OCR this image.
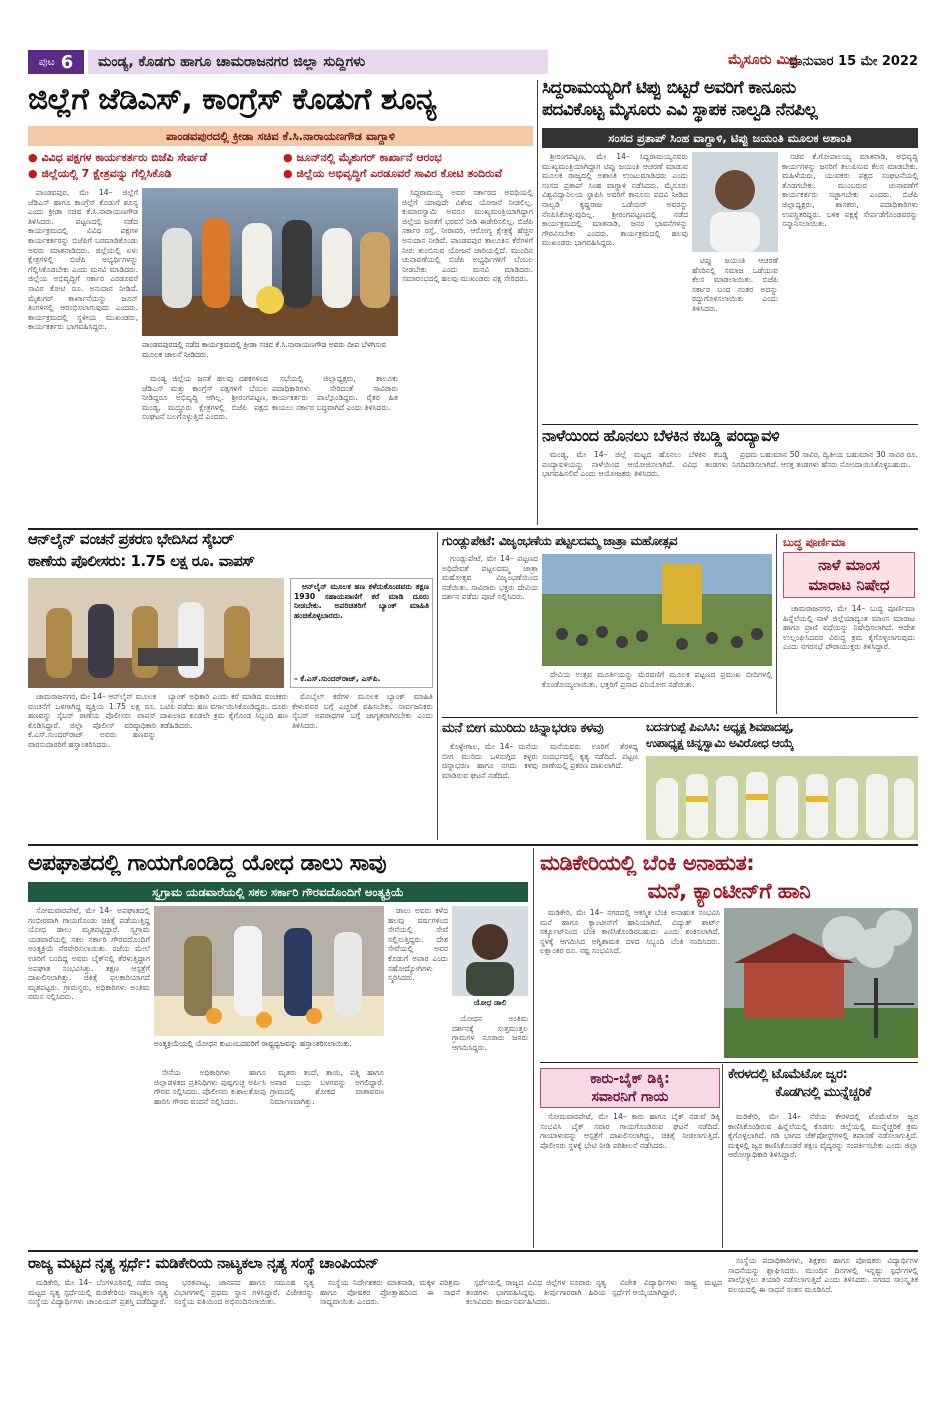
ಪುಟ 6	ಮಂಡ್ಯ, ಕೊಡಗು ಹಾಗೂ ಚಾಮರಾಜನಗರ ಜಿಲ್ಲಾ ಸುದ್ದಿಗಳು	ಮೈಸೂರು ಮಿತ್ರ
ಭಾನುವಾರ 15 ಮೇ 2022
ಜಿಲ್ಲೆಗೆ ಜೆಡಿಎಸ್, ಕಾಂಗ್ರೆಸ್ ಕೊಡುಗೆ ಶೂನ್ಯ
ಪಾಂಡವಪುರದಲ್ಲಿ ಕ್ರೀಡಾ ಸಚಿವ ಕೆ.ಸಿ.ನಾರಾಯಣಗೌಡ ವಾಗ್ದಾಳಿ
● ವಿವಿಧ ಪಕ್ಷಗಳ ಕಾರ್ಯಕರ್ತರು ಬಿಜೆಪಿ ಸೇರ್ಪಡೆ
● ಜಿಲ್ಲೆಯಲ್ಲಿ 7 ಕ್ಷೇತ್ರವನ್ನು ಗೆಲ್ಲಿಸಿಕೊಡಿ
● ಜೂನ್‌ನಲ್ಲಿ ಮೈಶುಗರ್ ಕಾರ್ಖಾನೆ ಆರಂಭ
● ಜಿಲ್ಲೆಯ ಅಭಿವೃದ್ಧಿಗೆ ಎರಡೂವರೆ ಸಾವಿರ ಕೋಟಿ ತಂದಿರುವೆ

ಪಾಂಡವಪುರ, ಮೇ 14– ಜಿಲ್ಲೆಗೆ ಜೆಡಿಎಸ್ ಹಾಗೂ ಕಾಂಗ್ರೆಸ್ ಕೊಡುಗೆ ಶೂನ್ಯ ಎಂದು ಕ್ರೀಡಾ ಸಚಿವ ಕೆ.ಸಿ.ನಾರಾಯಣಗೌಡ ತಿಳಿಸಿದರು. ಪಟ್ಟಣದಲ್ಲಿ ನಡೆದ ಕಾರ್ಯಕ್ರಮದಲ್ಲಿ ವಿವಿಧ ಪಕ್ಷಗಳ ಕಾರ್ಯಕರ್ತರನ್ನು ಬಿಜೆಪಿಗೆ ಬರಮಾಡಿಕೊಂಡು ಅವರು ಮಾತನಾಡಿದರು. ಜಿಲ್ಲೆಯಲ್ಲಿ ಏಳು ಕ್ಷೇತ್ರಗಳಲ್ಲಿ ಬಿಜೆಪಿ ಅಭ್ಯರ್ಥಿಗಳನ್ನು ಗೆಲ್ಲಿಸಿಕೊಡಬೇಕು ಎಂದು ಮನವಿ ಮಾಡಿದರು. ಜಿಲ್ಲೆಯ ಅಭಿವೃದ್ಧಿಗೆ ಸರ್ಕಾರ ಎರಡೂವರೆ ಸಾವಿರ ಕೋಟಿ ರೂ. ಅನುದಾನ ನೀಡಿದೆ. ಮೈಶುಗರ್ ಕಾರ್ಖಾನೆಯನ್ನು ಜೂನ್ ತಿಂಗಳಿನಲ್ಲಿ ಆರಂಭಿಸಲಾಗುವುದು ಎಂದರು. ಕಾರ್ಯಕ್ರಮದಲ್ಲಿ ಸ್ಥಳೀಯ ಮುಖಂಡರು, ಕಾರ್ಯಕರ್ತರು ಭಾಗವಹಿಸಿದ್ದರು.

ಪಾಂಡವಪುರದಲ್ಲಿ ನಡೆದ ಕಾರ್ಯಕ್ರಮದಲ್ಲಿ ಕ್ರೀಡಾ ಸಚಿವ ಕೆ.ಸಿ.ನಾರಾಯಣಗೌಡ ಅವರು ದೀಪ ಬೆಳಗಿಸುವ ಮೂಲಕ ಚಾಲನೆ ನೀಡಿದರು.

ಮಂಡ್ಯ ಜಿಲ್ಲೆಯ ಜನತೆ ಹಲವು ದಶಕಗಳಿಂದ ಜೆಡಿಎಸ್ ಮತ್ತು ಕಾಂಗ್ರೆಸ್ ಪಕ್ಷಗಳಿಗೆ ಬೆಂಬಲ ನೀಡಿದ್ದರೂ ಅಭಿವೃದ್ಧಿ ಆಗಿಲ್ಲ. ಶ್ರೀರಂಗಪಟ್ಟಣ, ಮಂಡ್ಯ, ಮದ್ದೂರು ಕ್ಷೇತ್ರಗಳಲ್ಲಿ ಬಿಜೆಪಿ ಪಕ್ಷದ ಸಂಘಟನೆ ಬಲಗೊಳ್ಳುತ್ತಿದೆ ಎಂದರು.

ಸಭೆಯಲ್ಲಿ ಜಿಲ್ಲಾಧ್ಯಕ್ಷರು, ತಾಲೂಕು ಪದಾಧಿಕಾರಿಗಳು ಸೇರಿದಂತೆ ಸಾವಿರಾರು ಕಾರ್ಯಕರ್ತರು ಪಾಲ್ಗೊಂಡಿದ್ದರು. ರೈತರ ಹಿತ ಕಾಯಲು ಸರ್ಕಾರ ಬದ್ಧವಾಗಿದೆ ಎಂದು ತಿಳಿಸಿದರು.

ಸಿದ್ದರಾಮಯ್ಯ ಅವರ ಸರ್ಕಾರದ ಅವಧಿಯಲ್ಲಿ ಜಿಲ್ಲೆಗೆ ಯಾವುದೇ ವಿಶೇಷ ಯೋಜನೆ ನೀಡಲಿಲ್ಲ. ಕುಮಾರಸ್ವಾಮಿ ಅವರೂ ಮುಖ್ಯಮಂತ್ರಿಯಾಗಿದ್ದಾಗ ಜಿಲ್ಲೆಯ ಜನತೆಗೆ ಭರವಸೆ ನೀಡಿ ಈಡೇರಿಸಲಿಲ್ಲ. ಬಿಜೆಪಿ ಸರ್ಕಾರ ರಸ್ತೆ, ನೀರಾವರಿ, ಆರೋಗ್ಯ ಕ್ಷೇತ್ರಕ್ಕೆ ಹೆಚ್ಚಿನ ಅನುದಾನ ನೀಡಿದೆ. ಪಾಂಡವಪುರ ತಾಲೂಕಿನ ಕೆರೆಗಳಿಗೆ ನೀರು ತುಂಬಿಸುವ ಯೋಜನೆ ಜಾರಿಯಲ್ಲಿದೆ. ಮುಂದಿನ ಚುನಾವಣೆಯಲ್ಲಿ ಬಿಜೆಪಿ ಅಭ್ಯರ್ಥಿಗಳಿಗೆ ಬೆಂಬಲ ನೀಡಬೇಕು ಎಂದು ಮನವಿ ಮಾಡಿದರು. ಸಮಾರಂಭದಲ್ಲಿ ಹಲವು ಮುಖಂಡರು ಪಕ್ಷ ಸೇರಿದರು.

ಸಿದ್ದರಾಮಯ್ಯರಿಗೆ ಟಿಪ್ಪು ಬಿಟ್ಟರೆ ಅವರಿಗೆ ಕಾನೂನು
ಪದವಿಕೊಟ್ಟ ಮೈಸೂರು ಎವಿ ಸ್ಥಾಪಕ ನಾಲ್ವಡಿ ನೆನಪಿಲ್ಲ
ಸಂಸದ ಪ್ರತಾಪ್ ಸಿಂಹ ವಾಗ್ದಾಳಿ, ಟಿಪ್ಪು ಜಯಂತಿ ಮೂಲಕ ಅಶಾಂತಿ

ಶ್ರೀರಂಗಪಟ್ಟಣ, ಮೇ 14– ಸಿದ್ದರಾಮಯ್ಯನವರು ಮುಖ್ಯಮಂತ್ರಿಯಾಗಿದ್ದಾಗ ಟಿಪ್ಪು ಜಯಂತಿ ಆಚರಣೆ ಮಾಡುವ ಮೂಲಕ ರಾಜ್ಯದಲ್ಲಿ ಅಶಾಂತಿ ಉಂಟುಮಾಡಿದರು ಎಂದು ಸಂಸದ ಪ್ರತಾಪ್ ಸಿಂಹ ವಾಗ್ದಾಳಿ ನಡೆಸಿದರು. ಮೈಸೂರು ವಿಶ್ವವಿದ್ಯಾನಿಲಯ ಸ್ಥಾಪಿಸಿ ಅವರಿಗೆ ಕಾನೂನು ಪದವಿ ನೀಡಿದ ನಾಲ್ವಡಿ ಕೃಷ್ಣರಾಜ ಒಡೆಯರ್ ಅವರನ್ನು ನೆನಪಿಸಿಕೊಳ್ಳುವುದಿಲ್ಲ. ಶ್ರೀರಂಗಪಟ್ಟಣದಲ್ಲಿ ನಡೆದ ಕಾರ್ಯಕ್ರಮದಲ್ಲಿ ಮಾತನಾಡಿ, ಜನರ ಭಾವನೆಗಳನ್ನು ಗೌರವಿಸಬೇಕು ಎಂದರು. ಕಾರ್ಯಕ್ರಮದಲ್ಲಿ ಹಲವು ಮುಖಂಡರು ಭಾಗವಹಿಸಿದ್ದರು.

ಟಿಪ್ಪು ಜಯಂತಿ ಆಚರಣೆ ಹೆಸರಿನಲ್ಲಿ ಸಮಾಜ ಒಡೆಯುವ ಕೆಲಸ ಮಾಡಲಾಯಿತು. ಬಿಜೆಪಿ ಸರ್ಕಾರ ಬಂದ ನಂತರ ಅದನ್ನು ರದ್ದುಗೊಳಿಸಲಾಯಿತು ಎಂದು ತಿಳಿಸಿದರು.

ಸಚಿವ ಕೆ.ಗೋಪಾಲಯ್ಯ ಮಾತನಾಡಿ, ಅಭಿವೃದ್ಧಿ ಕಾರ್ಯಗಳನ್ನು ಜನರಿಗೆ ತಲುಪಿಸುವ ಕೆಲಸ ಮಾಡಬೇಕು. ಮಹಿಳೆಯರು, ಯುವಕರು ಪಕ್ಷದ ಸಂಘಟನೆಯಲ್ಲಿ ತೊಡಗಬೇಕು. ಮುಂಬರುವ ಚುನಾವಣೆಗೆ ಕಾರ್ಯಕರ್ತರು ಸಜ್ಜಾಗಬೇಕು ಎಂದರು. ಬಿಜೆಪಿ ಜಿಲ್ಲಾಧ್ಯಕ್ಷರು, ಶಾಸಕರು, ಪದಾಧಿಕಾರಿಗಳು ಉಪಸ್ಥಿತರಿದ್ದರು. ಬಳಿಕ ಪಕ್ಷಕ್ಕೆ ಸೇರ್ಪಡೆಗೊಂಡವರನ್ನು ಸನ್ಮಾನಿಸಲಾಯಿತು.

ನಾಳೆಯಿಂದ ಹೊನಲು ಬೆಳಕಿನ ಕಬಡ್ಡಿ ಪಂದ್ಯಾವಳಿ

ಮಂಡ್ಯ, ಮೇ 14– ಜಿಲ್ಲೆ ಮಟ್ಟದ ಹೊನಲು ಬೆಳಕಿನ ಕಬಡ್ಡಿ ಪಂದ್ಯಾವಳಿಯನ್ನು ನಾಳೆಯಿಂದ ಆಯೋಜಿಸಲಾಗಿದೆ. ವಿವಿಧ ತಂಡಗಳು ಭಾಗವಹಿಸಲಿವೆ ಎಂದು ಆಯೋಜಕರು ತಿಳಿಸಿದರು.

ಪ್ರಥಮ ಬಹುಮಾನ 50 ಸಾವಿರ, ದ್ವಿತೀಯ ಬಹುಮಾನ 30 ಸಾವಿರ ರೂ. ನಿಗದಿಪಡಿಸಲಾಗಿದೆ. ಆಸಕ್ತ ತಂಡಗಳು ಹೆಸರು ನೋಂದಾಯಿಸಿಕೊಳ್ಳಬಹುದು.

ಆನ್‌ಲೈನ್ ವಂಚನೆ ಪ್ರಕರಣ ಭೇದಿಸಿದ ಸೈಬರ್
ಠಾಣೆಯ ಪೊಲೀಸರು: 1.75 ಲಕ್ಷ ರೂ. ವಾಪಸ್

ಆನ್‌ಲೈನ್ ಮೂಲಕ ಹಣ ಕಳೆದುಕೊಂಡವರು ತಕ್ಷಣ 1930 ಸಹಾಯವಾಣಿಗೆ ಕರೆ ಮಾಡಿ ದೂರು ನೀಡಬೇಕು. ಅಪರಿಚಿತರಿಗೆ ಬ್ಯಾಂಕ್ ಮಾಹಿತಿ ಹಂಚಿಕೊಳ್ಳಬಾರದು.

– ಕೆ.ಎಸ್.ಸುಂದರ್‌ರಾಜ್, ಎಸ್‌ಪಿ.

ಚಾಮರಾಜನಗರ, ಮೇ 14– ಆನ್‌ಲೈನ್ ಮೂಲಕ ವಂಚನೆಗೆ ಒಳಗಾಗಿದ್ದ ವ್ಯಕ್ತಿಯ 1.75 ಲಕ್ಷ ರೂ. ಹಣವನ್ನು ಸೈಬರ್ ಠಾಣೆಯ ಪೊಲೀಸರು ವಾಪಸ್ ಕೊಡಿಸಿದ್ದಾರೆ. ಜಿಲ್ಲಾ ಪೊಲೀಸ್ ವರಿಷ್ಠಾಧಿಕಾರಿ ಕೆ.ಎಸ್.ಸುಂದರ್‌ರಾಜ್ ಅವರು ಹಣವನ್ನು ವಾರಸುದಾರರಿಗೆ ಹಸ್ತಾಂತರಿಸಿದರು.

ಬ್ಯಾಂಕ್ ಅಧಿಕಾರಿ ಎಂದು ಕರೆ ಮಾಡಿದ ವಂಚಕರು ಒಟಿಪಿ ಪಡೆದು ಹಣ ವರ್ಗಾಯಿಸಿಕೊಂಡಿದ್ದರು. ದೂರು ದಾಖಲಾದ ಕೂಡಲೇ ಕ್ರಮ ಕೈಗೊಂಡ ಸಿಬ್ಬಂದಿ ಹಣ ತಡೆಹಿಡಿದರು.

ಮೊಬೈಲ್ ಕರೆಗಳ ಮೂಲಕ ಬ್ಯಾಂಕ್ ಮಾಹಿತಿ ಕೇಳುವವರ ಬಗ್ಗೆ ಎಚ್ಚರಿಕೆ ವಹಿಸಬೇಕು. ಸಾರ್ವಜನಿಕರು ಸೈಬರ್ ಅಪರಾಧಗಳ ಬಗ್ಗೆ ಜಾಗೃತರಾಗಿರಬೇಕು ಎಂದು ತಿಳಿಸಿದರು.

ಗುಂಡ್ಲುಪೇಟೆ: ವಿಜೃಂಭಣೆಯ ಪಟ್ಟಲದಮ್ಮ ಜಾತ್ರಾ ಮಹೋತ್ಸವ

ಗುಂಡ್ಲುಪೇಟೆ, ಮೇ 14– ಪಟ್ಟಣದ ಅಧಿದೇವತೆ ಪಟ್ಟಲದಮ್ಮ ಜಾತ್ರಾ ಮಹೋತ್ಸವ ವಿಜೃಂಭಣೆಯಿಂದ ನಡೆಯಿತು. ಸಾವಿರಾರು ಭಕ್ತರು ದೇವಿಯ ದರ್ಶನ ಪಡೆದು ಪೂಜೆ ಸಲ್ಲಿಸಿದರು.

ದೇವಿಯ ಉತ್ಸವ ಮೂರ್ತಿಯನ್ನು ಮೆರವಣಿಗೆ ಮೂಲಕ ಪಟ್ಟಣದ ಪ್ರಮುಖ ಬೀದಿಗಳಲ್ಲಿ ಕೊಂಡೊಯ್ಯಲಾಯಿತು. ಭಕ್ತರಿಗೆ ಪ್ರಸಾದ ವಿನಿಯೋಗ ನಡೆಯಿತು.

ಬುದ್ಧ ಪೂರ್ಣಿಮಾ
ನಾಳೆ ಮಾಂಸ
ಮಾರಾಟ ನಿಷೇಧ

ಚಾಮರಾಜನಗರ, ಮೇ 14– ಬುದ್ಧ ಪೂರ್ಣಿಮಾ ಹಿನ್ನೆಲೆಯಲ್ಲಿ ನಾಳೆ ಜಿಲ್ಲೆಯಾದ್ಯಂತ ಮಾಂಸ ಮಾರಾಟ ಹಾಗೂ ಪ್ರಾಣಿ ವಧೆಯನ್ನು ನಿಷೇಧಿಸಲಾಗಿದೆ. ಆದೇಶ ಉಲ್ಲಂಘಿಸಿದವರ ವಿರುದ್ಧ ಕ್ರಮ ಕೈಗೊಳ್ಳಲಾಗುವುದು ಎಂದು ನಗರಸಭೆ ಪೌರಾಯುಕ್ತರು ತಿಳಿಸಿದ್ದಾರೆ.

ಮನೆ ಬೀಗ ಮುರಿದು ಚಿನ್ನಾಭರಣ ಕಳವು

ಕೊಳ್ಳೇಗಾಲ, ಮೇ 14– ಮನೆಯ ಬೀಗ ಮುರಿದು ಒಳನುಗ್ಗಿದ ಕಳ್ಳರು ಚಿನ್ನಾಭರಣ ಹಾಗೂ ನಗದು ಕಳವು ಮಾಡಿರುವ ಘಟನೆ ನಡೆದಿದೆ.

ಮನೆಯವರು ಊರಿಗೆ ತೆರಳಿದ್ದ ಸಂದರ್ಭದಲ್ಲಿ ಕೃತ್ಯ ನಡೆದಿದೆ. ಪಟ್ಟಣ ಠಾಣೆಯಲ್ಲಿ ಪ್ರಕರಣ ದಾಖಲಾಗಿದೆ.

ಬದನಗುಪ್ಪೆ ಪಿಎಸಿಸಿ: ಅಧ್ಯಕ್ಷ ಶಿವಪಾದಪ್ಪ,
ಉಪಾಧ್ಯಕ್ಷ ಚಿನ್ನಸ್ವಾಮಿ ಅವಿರೋಧ ಆಯ್ಕೆ
ಅಪಘಾತದಲ್ಲಿ ಗಾಯಗೊಂಡಿದ್ದ ಯೋಧ ಡಾಲು ಸಾವು
ಸ್ವಗ್ರಾಮ ಯಡವಾರೆಯಲ್ಲಿ ಸಕಲ ಸರ್ಕಾರಿ ಗೌರವದೊಂದಿಗೆ ಅಂತ್ಯಕ್ರಿಯೆ

ಸೋಮವಾರಪೇಟೆ, ಮೇ 14– ಅಪಘಾತದಲ್ಲಿ ಗಂಭೀರವಾಗಿ ಗಾಯಗೊಂಡು ಚಿಕಿತ್ಸೆ ಪಡೆಯುತ್ತಿದ್ದ ಯೋಧ ಡಾಲು ಮೃತಪಟ್ಟಿದ್ದಾರೆ. ಸ್ವಗ್ರಾಮ ಯಡವಾರೆಯಲ್ಲಿ ಸಕಲ ಸರ್ಕಾರಿ ಗೌರವದೊಂದಿಗೆ ಅಂತ್ಯಕ್ರಿಯೆ ನೆರವೇರಿಸಲಾಯಿತು. ರಜೆಯ ಮೇಲೆ ಊರಿಗೆ ಬಂದಿದ್ದ ಅವರು ಬೈಕ್‌ನಲ್ಲಿ ತೆರಳುತ್ತಿದ್ದಾಗ ಅಪಘಾತ ಸಂಭವಿಸಿತ್ತು. ತಕ್ಷಣ ಆಸ್ಪತ್ರೆಗೆ ದಾಖಲಿಸಲಾಗಿತ್ತು. ಚಿಕಿತ್ಸೆ ಫಲಕಾರಿಯಾಗದೆ ಮೃತಪಟ್ಟರು. ಗ್ರಾಮಸ್ಥರು, ಅಧಿಕಾರಿಗಳು ಅಂತಿಮ ನಮನ ಸಲ್ಲಿಸಿದರು.

ಅಂತ್ಯಕ್ರಿಯೆಯಲ್ಲಿ ಯೋಧನ ಕುಟುಂಬದವರಿಗೆ ರಾಷ್ಟ್ರಧ್ವಜವನ್ನು ಹಸ್ತಾಂತರಿಸಲಾಯಿತು.

ಸೇನೆಯ ಅಧಿಕಾರಿಗಳು ಹಾಗೂ ಜಿಲ್ಲಾಡಳಿತದ ಪ್ರತಿನಿಧಿಗಳು ಪುಷ್ಪಗುಚ್ಛ ಅರ್ಪಿಸಿ ಗೌರವ ಸಲ್ಲಿಸಿದರು. ಪೊಲೀಸರು ಕುಶಾಲತೋಪು ಹಾರಿಸಿ ಗೌರವ ವಂದನೆ ಸಲ್ಲಿಸಿದರು.

ಮೃತರು ತಂದೆ, ತಾಯಿ, ಪತ್ನಿ ಹಾಗೂ ಅಪಾರ ಬಂಧು ಬಳಗವನ್ನು ಅಗಲಿದ್ದಾರೆ. ಗ್ರಾಮದಲ್ಲಿ ಶೋಕದ ವಾತಾವರಣ ನಿರ್ಮಾಣವಾಗಿತ್ತು.

ಡಾಲು ಅವರು ಕಳೆದ ಹಲವು ವರ್ಷಗಳಿಂದ ಸೇನೆಯಲ್ಲಿ ಸೇವೆ ಸಲ್ಲಿಸುತ್ತಿದ್ದರು. ದೇಶ ಸೇವೆಯಲ್ಲಿ ಅವರ ಕೊಡುಗೆ ಅಪಾರ ಎಂದು ಸಹೋದ್ಯೋಗಿಗಳು ಸ್ಮರಿಸಿದರು.

ಯೋಧ ಡಾಲಿ

ಯೋಧನ ಅಂತಿಮ ದರ್ಶನಕ್ಕೆ ಸುತ್ತಮುತ್ತಲ ಗ್ರಾಮಗಳ ನೂರಾರು ಜನರು ಆಗಮಿಸಿದ್ದರು.

ಮಡಿಕೇರಿಯಲ್ಲಿ ಬೆಂಕಿ ಅನಾಹುತ:
ಮನೆ, ಕ್ಯಾಂಟೀನ್‌ಗೆ ಹಾನಿ

ಮಡಿಕೇರಿ, ಮೇ 14– ನಗರದಲ್ಲಿ ಆಕಸ್ಮಿಕ ಬೆಂಕಿ ಅನಾಹುತ ಸಂಭವಿಸಿ ಮನೆ ಹಾಗೂ ಕ್ಯಾಂಟೀನ್‌ಗೆ ಹಾನಿಯಾಗಿದೆ. ವಿದ್ಯುತ್ ಶಾರ್ಟ್ ಸರ್ಕ್ಯೂಟ್‌ನಿಂದ ಬೆಂಕಿ ಕಾಣಿಸಿಕೊಂಡಿರಬಹುದು ಎಂದು ಶಂಕಿಸಲಾಗಿದೆ. ಸ್ಥಳಕ್ಕೆ ಆಗಮಿಸಿದ ಅಗ್ನಿಶಾಮಕ ದಳದ ಸಿಬ್ಬಂದಿ ಬೆಂಕಿ ನಂದಿಸಿದರು. ಲಕ್ಷಾಂತರ ರೂ. ನಷ್ಟ ಸಂಭವಿಸಿದೆ.

ಕಾರು-ಬೈಕ್ ಡಿಕ್ಕಿ:
ಸವಾರನಿಗೆ ಗಾಯ

ಸೋಮವಾರಪೇಟೆ, ಮೇ 14– ಕಾರು ಹಾಗೂ ಬೈಕ್ ನಡುವೆ ಡಿಕ್ಕಿ ಸಂಭವಿಸಿ ಬೈಕ್ ಸವಾರ ಗಾಯಗೊಂಡಿರುವ ಘಟನೆ ನಡೆದಿದೆ. ಗಾಯಾಳುವನ್ನು ಆಸ್ಪತ್ರೆಗೆ ದಾಖಲಿಸಲಾಗಿದ್ದು, ಚಿಕಿತ್ಸೆ ನೀಡಲಾಗುತ್ತಿದೆ. ಪೊಲೀಸರು ಸ್ಥಳಕ್ಕೆ ಭೇಟಿ ನೀಡಿ ಪರಿಶೀಲನೆ ನಡೆಸಿದರು.

ಕೇರಳದಲ್ಲಿ ಟೊಮೆಟೋ ಜ್ವರ:
ಕೊಡಗಿನಲ್ಲಿ ಮುನ್ನೆಚ್ಚರಿಕೆ

ಮಡಿಕೇರಿ, ಮೇ 14– ನೆರೆಯ ಕೇರಳದಲ್ಲಿ ಟೊಮೆಟೋ ಜ್ವರ ಕಾಣಿಸಿಕೊಂಡಿರುವ ಹಿನ್ನೆಲೆಯಲ್ಲಿ ಕೊಡಗು ಜಿಲ್ಲೆಯಲ್ಲಿ ಮುನ್ನೆಚ್ಚರಿಕೆ ಕ್ರಮ ಕೈಗೊಳ್ಳಲಾಗಿದೆ. ಗಡಿ ಭಾಗದ ಚೆಕ್‌ಪೋಸ್ಟ್‌ಗಳಲ್ಲಿ ತಪಾಸಣೆ ನಡೆಸಲಾಗುತ್ತಿದೆ. ಮಕ್ಕಳಲ್ಲಿ ಜ್ವರ ಕಾಣಿಸಿಕೊಂಡರೆ ತಕ್ಷಣ ವೈದ್ಯರನ್ನು ಸಂಪರ್ಕಿಸಬೇಕು ಎಂದು ಜಿಲ್ಲಾ ಆರೋಗ್ಯಾಧಿಕಾರಿ ತಿಳಿಸಿದ್ದಾರೆ.

ರಾಜ್ಯ ಮಟ್ಟದ ನೃತ್ಯ ಸ್ಪರ್ಧೆ: ಮಡಿಕೇರಿಯ ನಾಟ್ಯಕಲಾ ನೃತ್ಯ ಸಂಸ್ಥೆ ಚಾಂಪಿಯನ್

ಮಡಿಕೇರಿ, ಮೇ 14– ಬೆಂಗಳೂರಿನಲ್ಲಿ ನಡೆದ ರಾಜ್ಯ ಮಟ್ಟದ ನೃತ್ಯ ಸ್ಪರ್ಧೆಯಲ್ಲಿ ಮಡಿಕೇರಿಯ ನಾಟ್ಯಕಲಾ ನೃತ್ಯ ಸಂಸ್ಥೆಯ ವಿದ್ಯಾರ್ಥಿಗಳು ಚಾಂಪಿಯನ್ ಪ್ರಶಸ್ತಿ ಪಡೆದಿದ್ದಾರೆ.

ಭರತನಾಟ್ಯ, ಜಾನಪದ ಹಾಗೂ ಸಮೂಹ ನೃತ್ಯ ವಿಭಾಗಗಳಲ್ಲಿ ಪ್ರಥಮ ಸ್ಥಾನ ಗಳಿಸಿದ್ದಾರೆ. ವಿಜೇತರನ್ನು ಸಂಸ್ಥೆಯ ವತಿಯಿಂದ ಅಭಿನಂದಿಸಲಾಯಿತು.

ಸಂಸ್ಥೆಯ ನಿರ್ದೇಶಕರು ಮಾತನಾಡಿ, ಮಕ್ಕಳ ಪರಿಶ್ರಮ ಹಾಗೂ ಪೋಷಕರ ಪ್ರೋತ್ಸಾಹದಿಂದ ಈ ಸಾಧನೆ ಸಾಧ್ಯವಾಯಿತು ಎಂದರು.

ಸ್ಪರ್ಧೆಯಲ್ಲಿ ರಾಜ್ಯದ ವಿವಿಧ ಜಿಲ್ಲೆಗಳ ನೂರಾರು ನೃತ್ಯ ತಂಡಗಳು ಭಾಗವಹಿಸಿದ್ದವು. ತೀರ್ಪುಗಾರರಾಗಿ ಹಿರಿಯ ಕಲಾವಿದರು ಕಾರ್ಯನಿರ್ವಹಿಸಿದರು.

ವಿಜೇತ ವಿದ್ಯಾರ್ಥಿಗಳು ರಾಷ್ಟ್ರ ಮಟ್ಟದ ಸ್ಪರ್ಧೆಗೆ ಆಯ್ಕೆಯಾಗಿದ್ದಾರೆ.

ಸಂಸ್ಥೆಯ ಪದಾಧಿಕಾರಿಗಳು, ಶಿಕ್ಷಕರು ಹಾಗೂ ಪೋಷಕರು ವಿದ್ಯಾರ್ಥಿಗಳ ಸಾಧನೆಯನ್ನು ಶ್ಲಾಘಿಸಿದರು. ಮುಂದಿನ ದಿನಗಳಲ್ಲಿ ಇನ್ನಷ್ಟು ಸ್ಪರ್ಧೆಗಳಲ್ಲಿ ಪಾಲ್ಗೊಳ್ಳಲು ತಯಾರಿ ನಡೆಸಲಾಗುತ್ತಿದೆ ಎಂದು ತಿಳಿಸಿದರು. ನಗರದ ಸಾಂಸ್ಕೃತಿಕ ವಲಯದಲ್ಲಿ ಈ ಸಾಧನೆ ಸಂತಸ ಮೂಡಿಸಿದೆ.
